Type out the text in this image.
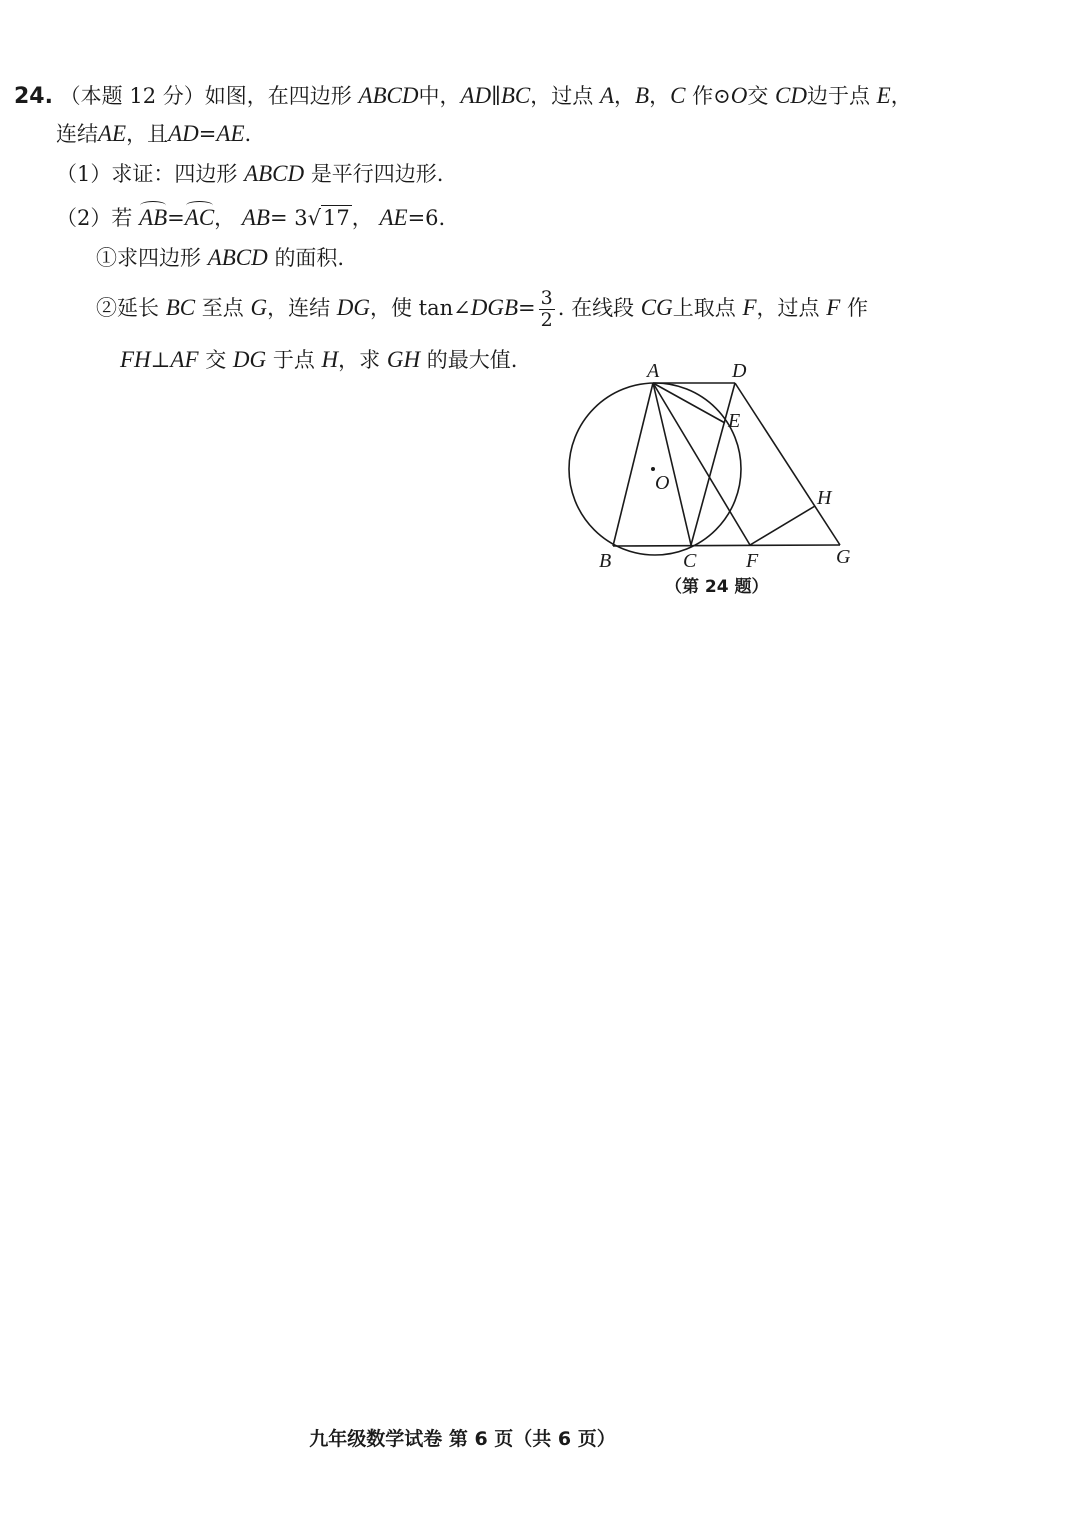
24. （本题 12 分）如图，在四边形 ABCD中，AD∥BC，过点 A，B，C 作⊙O交 CD边于点 E，
连结AE，且AD=AE.
（1）求证：四边形 ABCD 是平行四边形.
（2）若 AB=AC， AB= 3√17， AE=6.
①求四边形 ABCD 的面积.
②延长 BC 至点 G，连结 DG，使 tan∠DGB= $\frac{3}{2}$ . 在线段 CG上取点 F，过点 F 作
FH⊥AF 交 DG 于点 H，求 GH 的最大值.	A	D
E
O
H
B	C F	G
（第 24 题）
九年级数学试卷 第 6 页（共 6 页）
